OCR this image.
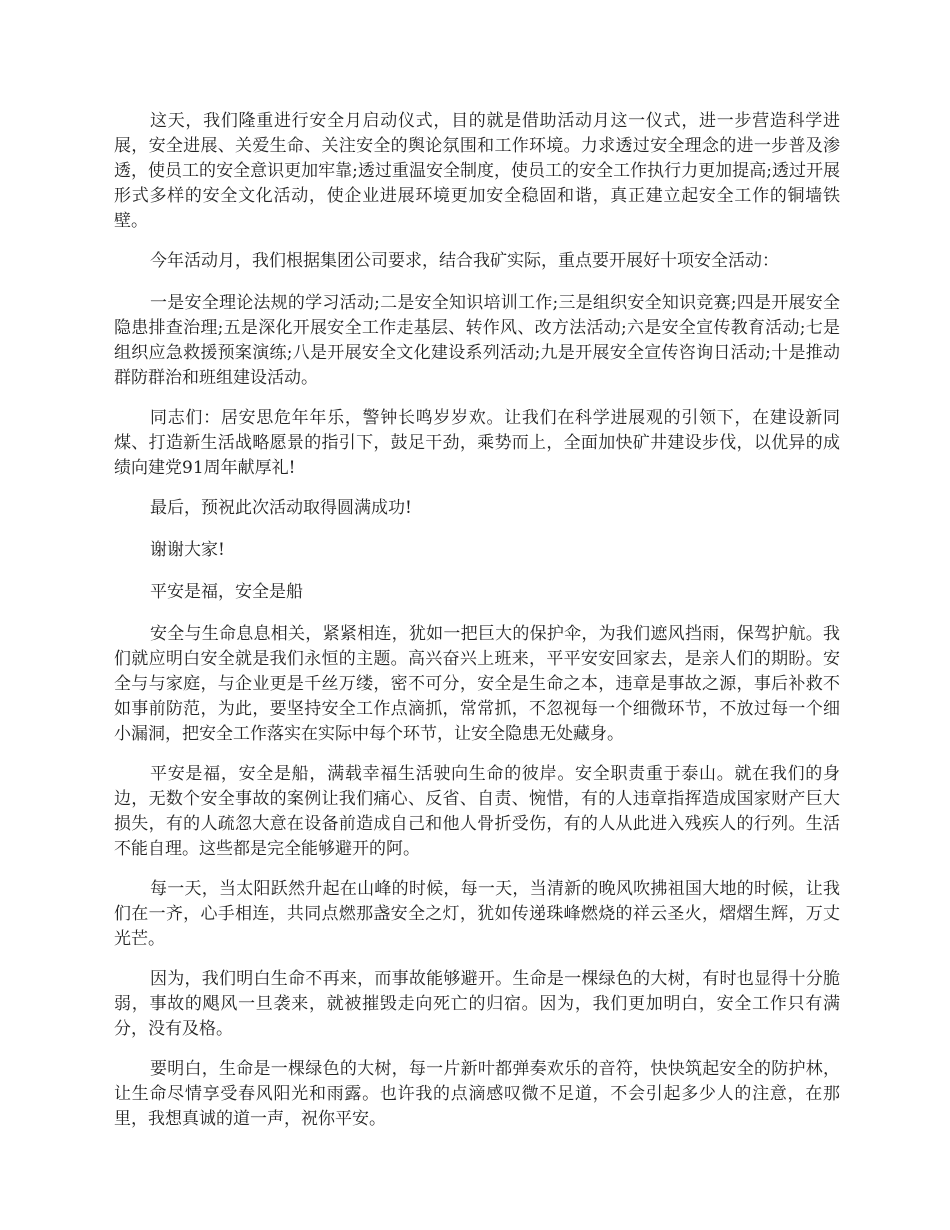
这天，我们隆重进行安全月启动仪式，目的就是借助活动月这一仪式，进一步营造科学进展，安全进展、关爱生命、关注安全的舆论氛围和工作环境。力求透过安全理念的进一步普及渗透，使员工的安全意识更加牢靠;透过重温安全制度，使员工的安全工作执行力更加提高;透过开展形式多样的安全文化活动，使企业进展环境更加安全稳固和谐，真正建立起安全工作的铜墙铁壁。

今年活动月，我们根据集团公司要求，结合我矿实际，重点要开展好十项安全活动：

一是安全理论法规的学习活动;二是安全知识培训工作;三是组织安全知识竞赛;四是开展安全隐患排查治理;五是深化开展安全工作走基层、转作风、改方法活动;六是安全宣传教育活动;七是组织应急救援预案演练;八是开展安全文化建设系列活动;九是开展安全宣传咨询日活动;十是推动群防群治和班组建设活动。

同志们：居安思危年年乐，警钟长鸣岁岁欢。让我们在科学进展观的引领下，在建设新同煤、打造新生活战略愿景的指引下，鼓足干劲，乘势而上，全面加快矿井建设步伐，以优异的成绩向建党91周年献厚礼!

最后，预祝此次活动取得圆满成功!

谢谢大家!

平安是福，安全是船

安全与生命息息相关，紧紧相连，犹如一把巨大的保护伞，为我们遮风挡雨，保驾护航。我们就应明白安全就是我们永恒的主题。高兴奋兴上班来，平平安安回家去，是亲人们的期盼。安全与与家庭，与企业更是千丝万缕，密不可分，安全是生命之本，违章是事故之源，事后补救不如事前防范，为此，要坚持安全工作点滴抓，常常抓，不忽视每一个细微环节，不放过每一个细小漏洞，把安全工作落实在实际中每个环节，让安全隐患无处藏身。

平安是福，安全是船，满载幸福生活驶向生命的彼岸。安全职责重于泰山。就在我们的身边，无数个安全事故的案例让我们痛心、反省、自责、惋惜，有的人违章指挥造成国家财产巨大损失，有的人疏忽大意在设备前造成自己和他人骨折受伤，有的人从此进入残疾人的行列。生活不能自理。这些都是完全能够避开的阿。

每一天，当太阳跃然升起在山峰的时候，每一天，当清新的晚风吹拂祖国大地的时候，让我们在一齐，心手相连，共同点燃那盏安全之灯，犹如传递珠峰燃烧的祥云圣火，熠熠生辉，万丈光芒。

因为，我们明白生命不再来，而事故能够避开。生命是一棵绿色的大树，有时也显得十分脆弱，事故的飓风一旦袭来，就被摧毁走向死亡的归宿。因为，我们更加明白，安全工作只有满分，没有及格。

要明白，生命是一棵绿色的大树，每一片新叶都弹奏欢乐的音符，快快筑起安全的防护林，让生命尽情享受春风阳光和雨露。也许我的点滴感叹微不足道，不会引起多少人的注意，在那里，我想真诚的道一声，祝你平安。
